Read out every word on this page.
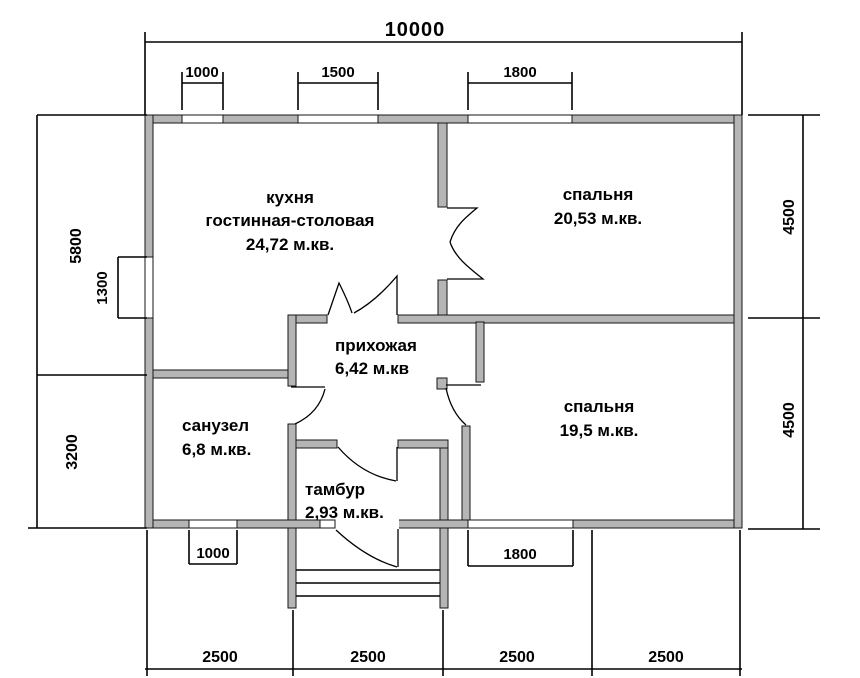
10000
1000	1500	1800
5800
3200
1300
4500
4500
1000	1800
2500	2500	2500	2500
кухня
гостинная-столовая
24,72 м.кв.
спальня
20,53 м.кв.
прихожая
6,42 м.кв
санузел
6,8 м.кв.
спальня
19,5 м.кв.
тамбур
2,93 м.кв.
